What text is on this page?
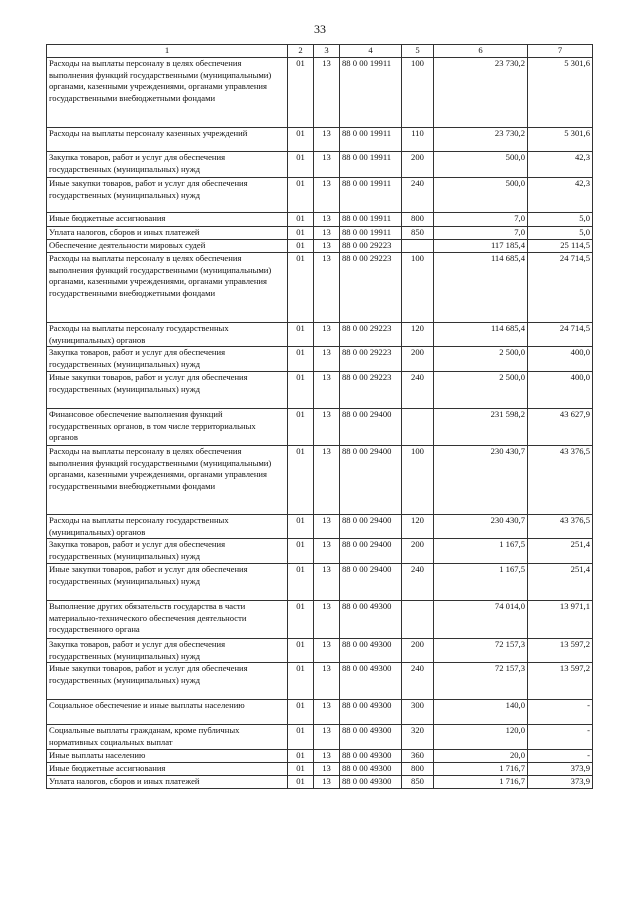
33
1	2	3	4	5	6	7
Расходы на выплаты персоналу в целях обеспечения выполнения функций государственными (муниципальными) органами, казенными учреждениями, органами управления государственными внебюджетными фондами	01	13	88 0 00 19911	100	23 730,2	5 301,6
Расходы на выплаты персоналу казенных учреждений	01	13	88 0 00 19911	110	23 730,2	5 301,6
Закупка товаров, работ и услуг для обеспечения государственных (муниципальных) нужд	01	13	88 0 00 19911	200	500,0	42,3
Иные закупки товаров, работ и услуг для обеспечения государственных (муниципальных) нужд	01	13	88 0 00 19911	240	500,0	42,3
Иные бюджетные ассигнования	01	13	88 0 00 19911	800	7,0	5,0
Уплата налогов, сборов и иных платежей	01	13	88 0 00 19911	850	7,0	5,0
Обеспечение деятельности мировых судей	01	13	88 0 00 29223		117 185,4	25 114,5
Расходы на выплаты персоналу в целях обеспечения выполнения функций государственными (муниципальными) органами, казенными учреждениями, органами управления государственными внебюджетными фондами	01	13	88 0 00 29223	100	114 685,4	24 714,5
Расходы на выплаты персоналу государственных (муниципальных) органов	01	13	88 0 00 29223	120	114 685,4	24 714,5
Закупка товаров, работ и услуг для обеспечения государственных (муниципальных) нужд	01	13	88 0 00 29223	200	2 500,0	400,0
Иные закупки товаров, работ и услуг для обеспечения государственных (муниципальных) нужд	01	13	88 0 00 29223	240	2 500,0	400,0
Финансовое обеспечение выполнения функций государственных органов, в том числе территориальных органов	01	13	88 0 00 29400		231 598,2	43 627,9
Расходы на выплаты персоналу в целях обеспечения выполнения функций государственными (муниципальными) органами, казенными учреждениями, органами управления государственными внебюджетными фондами	01	13	88 0 00 29400	100	230 430,7	43 376,5
Расходы на выплаты персоналу государственных (муниципальных) органов	01	13	88 0 00 29400	120	230 430,7	43 376,5
Закупка товаров, работ и услуг для обеспечения государственных (муниципальных) нужд	01	13	88 0 00 29400	200	1 167,5	251,4
Иные закупки товаров, работ и услуг для обеспечения государственных (муниципальных) нужд	01	13	88 0 00 29400	240	1 167,5	251,4
Выполнение других обязательств государства в части материально-технического обеспечения деятельности государственного органа	01	13	88 0 00 49300		74 014,0	13 971,1
Закупка товаров, работ и услуг для обеспечения государственных (муниципальных) нужд	01	13	88 0 00 49300	200	72 157,3	13 597,2
Иные закупки товаров, работ и услуг для обеспечения государственных (муниципальных) нужд	01	13	88 0 00 49300	240	72 157,3	13 597,2
Социальное обеспечение и иные выплаты населению	01	13	88 0 00 49300	300	140,0	-
Социальные выплаты гражданам, кроме публичных нормативных социальных выплат	01	13	88 0 00 49300	320	120,0	-
Иные выплаты населению	01	13	88 0 00 49300	360	20,0	-
Иные бюджетные ассигнования	01	13	88 0 00 49300	800	1 716,7	373,9
Уплата налогов, сборов и иных платежей	01	13	88 0 00 49300	850	1 716,7	373,9
